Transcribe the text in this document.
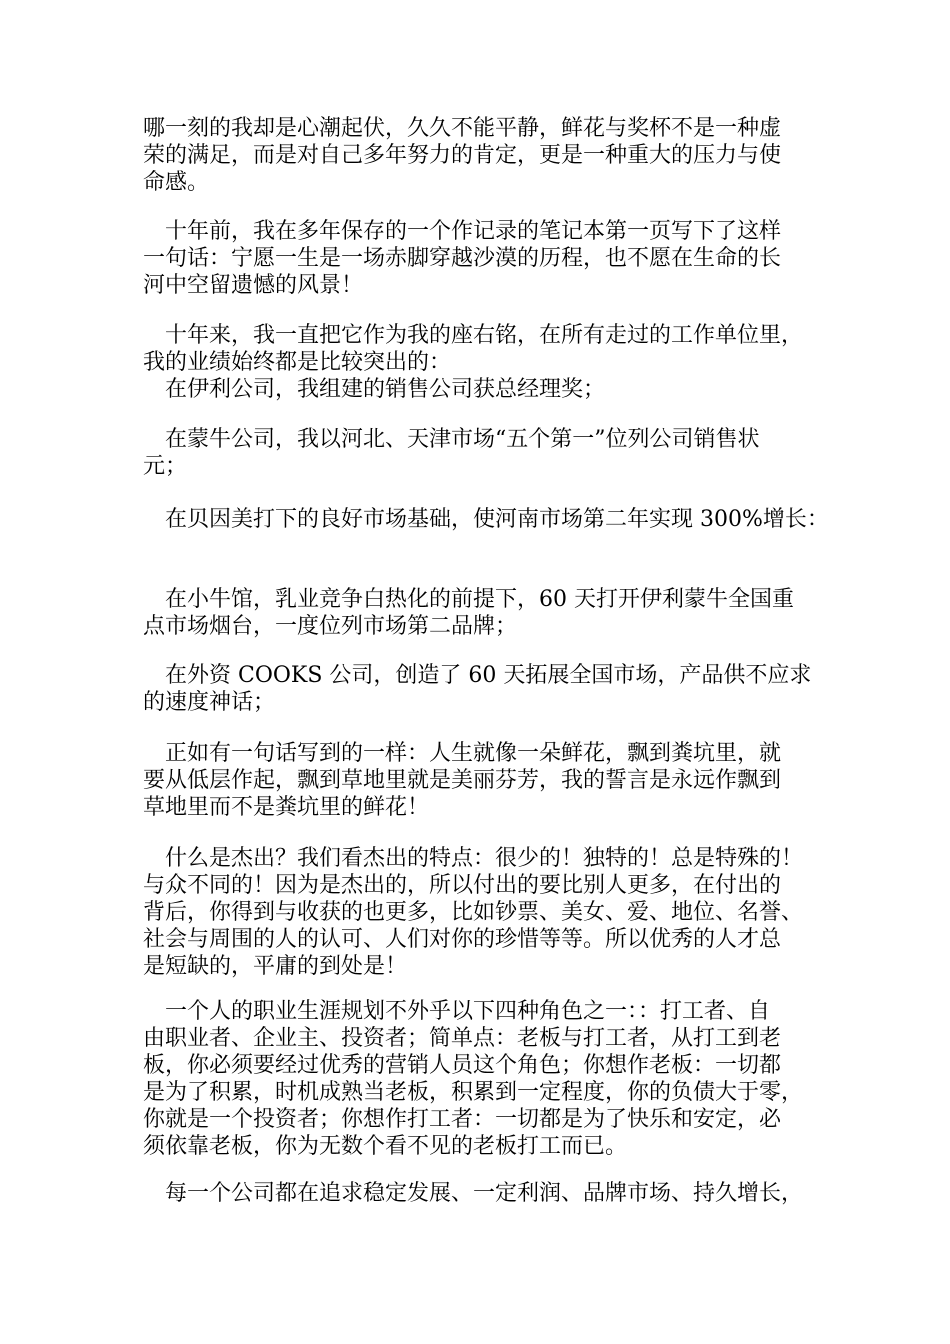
哪一刻的我却是心潮起伏，久久不能平静，鲜花与奖杯不是一种虚
荣的满足，而是对自己多年努力的肯定，更是一种重大的压力与使
命感。
　十年前，我在多年保存的一个作记录的笔记本第一页写下了这样
一句话：宁愿一生是一场赤脚穿越沙漠的历程，也不愿在生命的长
河中空留遗憾的风景！
　十年来，我一直把它作为我的座右铭，在所有走过的工作单位里，
我的业绩始终都是比较突出的：
　在伊利公司，我组建的销售公司获总经理奖；
　在蒙牛公司，我以河北、天津市场“五个第一”位列公司销售状
元；
　在贝因美打下的良好市场基础，使河南市场第二年实现 300%增长：
　在小牛馆，乳业竞争白热化的前提下，60 天打开伊利蒙牛全国重
点市场烟台，一度位列市场第二品牌；
　在外资 COOKS 公司，创造了 60 天拓展全国市场，产品供不应求
的速度神话；
　正如有一句话写到的一样：人生就像一朵鲜花，飘到粪坑里，就
要从低层作起，飘到草地里就是美丽芬芳，我的誓言是永远作飘到
草地里而不是粪坑里的鲜花！
　什么是杰出？我们看杰出的特点：很少的！独特的！总是特殊的！
与众不同的！因为是杰出的，所以付出的要比别人更多，在付出的
背后，你得到与收获的也更多，比如钞票、美女、爱、地位、名誉、
社会与周围的人的认可、人们对你的珍惜等等。所以优秀的人才总
是短缺的，平庸的到处是！
　一个人的职业生涯规划不外乎以下四种角色之一：：打工者、自
由职业者、企业主、投资者；简单点：老板与打工者，从打工到老
板，你必须要经过优秀的营销人员这个角色；你想作老板：一切都
是为了积累，时机成熟当老板，积累到一定程度，你的负债大于零，
你就是一个投资者；你想作打工者：一切都是为了快乐和安定，必
须依靠老板，你为无数个看不见的老板打工而已。
　每一个公司都在追求稳定发展、一定利润、品牌市场、持久增长，
